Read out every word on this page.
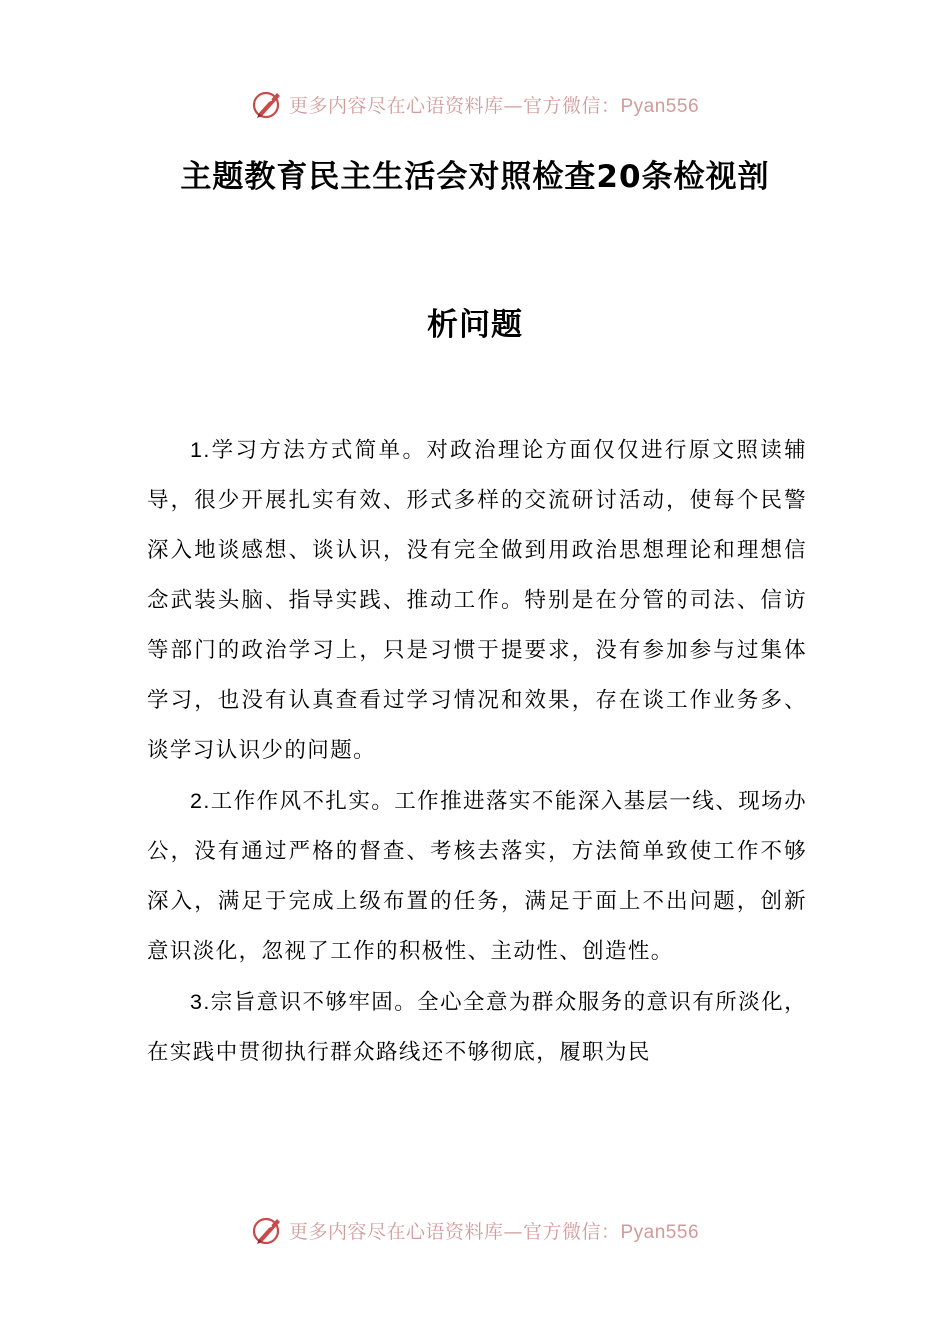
更多内容尽在心语资料库—官方微信：Pyan556
主题教育民主生活会对照检查20条检视剖
析问题

1.学习方法方式简单。对政治理论方面仅仅进行原文照读辅导，很少开展扎实有效、形式多样的交流研讨活动，使每个民警深入地谈感想、谈认识，没有完全做到用政治思想理论和理想信念武装头脑、指导实践、推动工作。特别是在分管的司法、信访等部门的政治学习上，只是习惯于提要求，没有参加参与过集体学习，也没有认真查看过学习情况和效果，存在谈工作业务多、谈学习认识少的问题。

2.工作作风不扎实。工作推进落实不能深入基层一线、现场办公，没有通过严格的督查、考核去落实，方法简单致使工作不够深入，满足于完成上级布置的任务，满足于面上不出问题，创新意识淡化，忽视了工作的积极性、主动性、创造性。

3.宗旨意识不够牢固。全心全意为群众服务的意识有所淡化，在实践中贯彻执行群众路线还不够彻底，履职为民

更多内容尽在心语资料库—官方微信：Pyan556
